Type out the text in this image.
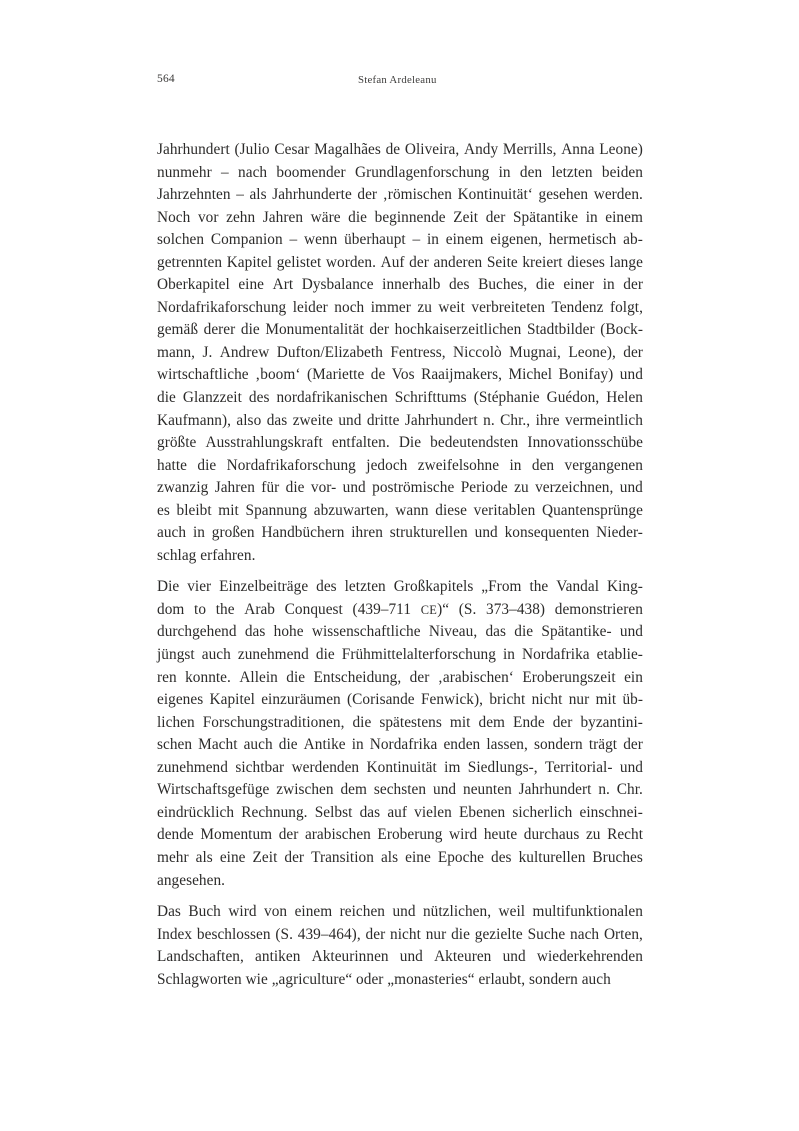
564	Stefan Ardeleanu
Jahrhundert (Julio Cesar Magalhães de Oliveira, Andy Merrills, Anna Leone)
nunmehr – nach boomender Grundlagenforschung in den letzten beiden
Jahrzehnten – als Jahrhunderte der ‚römischen Kontinuität‘ gesehen werden.
Noch vor zehn Jahren wäre die beginnende Zeit der Spätantike in einem
solchen Companion – wenn überhaupt – in einem eigenen, hermetisch ab-
getrennten Kapitel gelistet worden. Auf der anderen Seite kreiert dieses lange
Oberkapitel eine Art Dysbalance innerhalb des Buches, die einer in der
Nordafrikaforschung leider noch immer zu weit verbreiteten Tendenz folgt,
gemäß derer die Monumentalität der hochkaiserzeitlichen Stadtbilder (Bock-
mann, J. Andrew Dufton/Elizabeth Fentress, Niccolò Mugnai, Leone), der
wirtschaftliche ‚boom‘ (Mariette de Vos Raaijmakers, Michel Bonifay) und
die Glanzzeit des nordafrikanischen Schrifttums (Stéphanie Guédon, Helen
Kaufmann), also das zweite und dritte Jahrhundert n. Chr., ihre vermeintlich
größte Ausstrahlungskraft entfalten. Die bedeutendsten Innovationsschübe
hatte die Nordafrikaforschung jedoch zweifelsohne in den vergangenen
zwanzig Jahren für die vor- und poströmische Periode zu verzeichnen, und
es bleibt mit Spannung abzuwarten, wann diese veritablen Quantensprünge
auch in großen Handbüchern ihren strukturellen und konsequenten Nieder-
schlag erfahren.
Die vier Einzelbeiträge des letzten Großkapitels „From the Vandal King-
dom to the Arab Conquest (439–711 CE)“ (S. 373–438) demonstrieren
durchgehend das hohe wissenschaftliche Niveau, das die Spätantike- und
jüngst auch zunehmend die Frühmittelalterforschung in Nordafrika etablie-
ren konnte. Allein die Entscheidung, der ‚arabischen‘ Eroberungszeit ein
eigenes Kapitel einzuräumen (Corisande Fenwick), bricht nicht nur mit üb-
lichen Forschungstraditionen, die spätestens mit dem Ende der byzantini-
schen Macht auch die Antike in Nordafrika enden lassen, sondern trägt der
zunehmend sichtbar werdenden Kontinuität im Siedlungs-, Territorial- und
Wirtschaftsgefüge zwischen dem sechsten und neunten Jahrhundert n. Chr.
eindrücklich Rechnung. Selbst das auf vielen Ebenen sicherlich einschnei-
dende Momentum der arabischen Eroberung wird heute durchaus zu Recht
mehr als eine Zeit der Transition als eine Epoche des kulturellen Bruches
angesehen.
Das Buch wird von einem reichen und nützlichen, weil multifunktionalen
Index beschlossen (S. 439–464), der nicht nur die gezielte Suche nach Orten,
Landschaften, antiken Akteurinnen und Akteuren und wiederkehrenden
Schlagworten wie „agriculture“ oder „monasteries“ erlaubt, sondern auch
